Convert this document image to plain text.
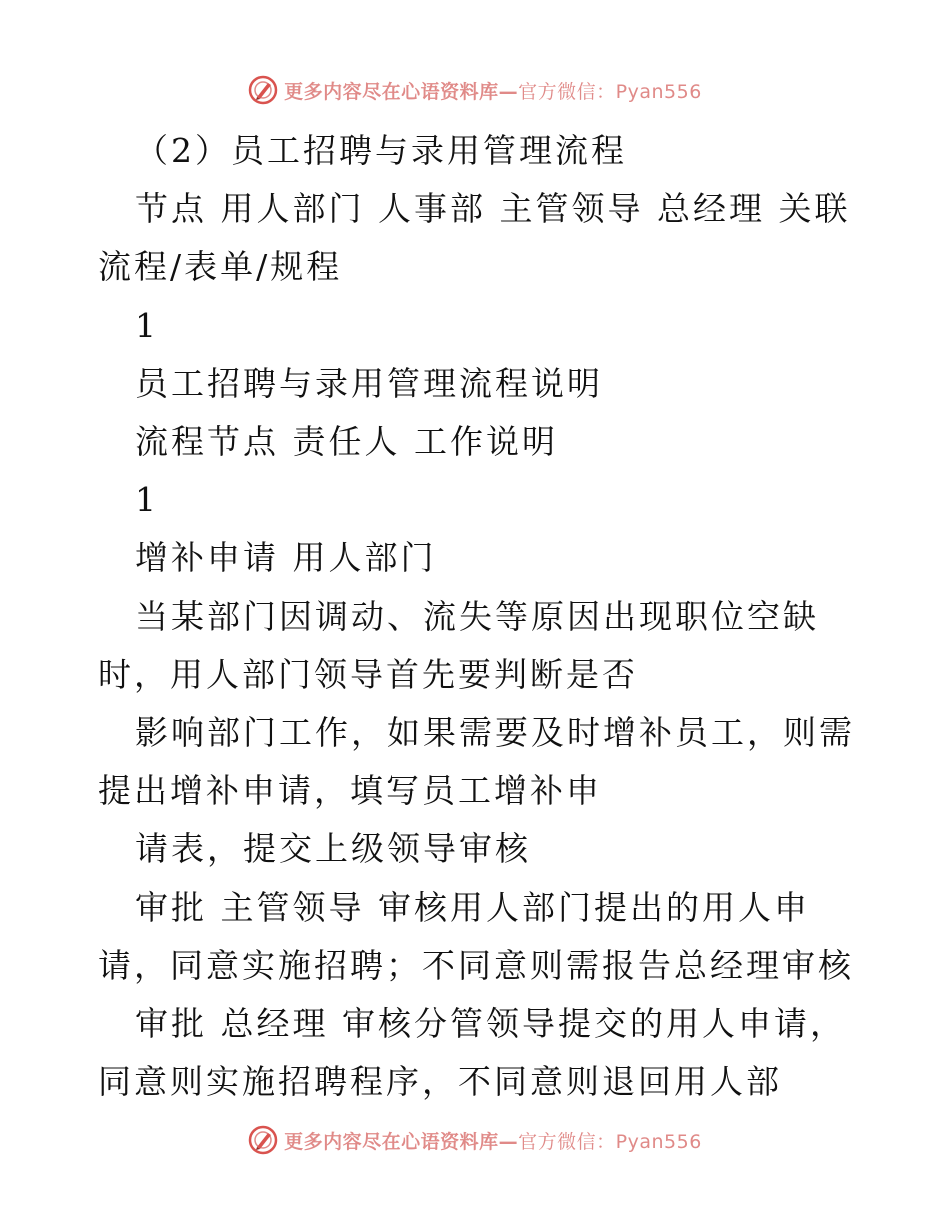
更多内容尽在心语资料库—官方微信：Pyan556

（2）员工招聘与录用管理流程

节点 用人部门 人事部 主管领导 总经理 关联流程/表单/规程

1

员工招聘与录用管理流程说明

流程节点 责任人 工作说明

1

增补申请 用人部门

当某部门因调动、流失等原因出现职位空缺时，用人部门领导首先要判断是否

影响部门工作，如果需要及时增补员工，则需提出增补申请，填写员工增补申

请表，提交上级领导审核

审批 主管领导 审核用人部门提出的用人申请，同意实施招聘；不同意则需报告总经理审核

审批 总经理 审核分管领导提交的用人申请，同意则实施招聘程序，不同意则退回用人部

更多内容尽在心语资料库—官方微信：Pyan556
